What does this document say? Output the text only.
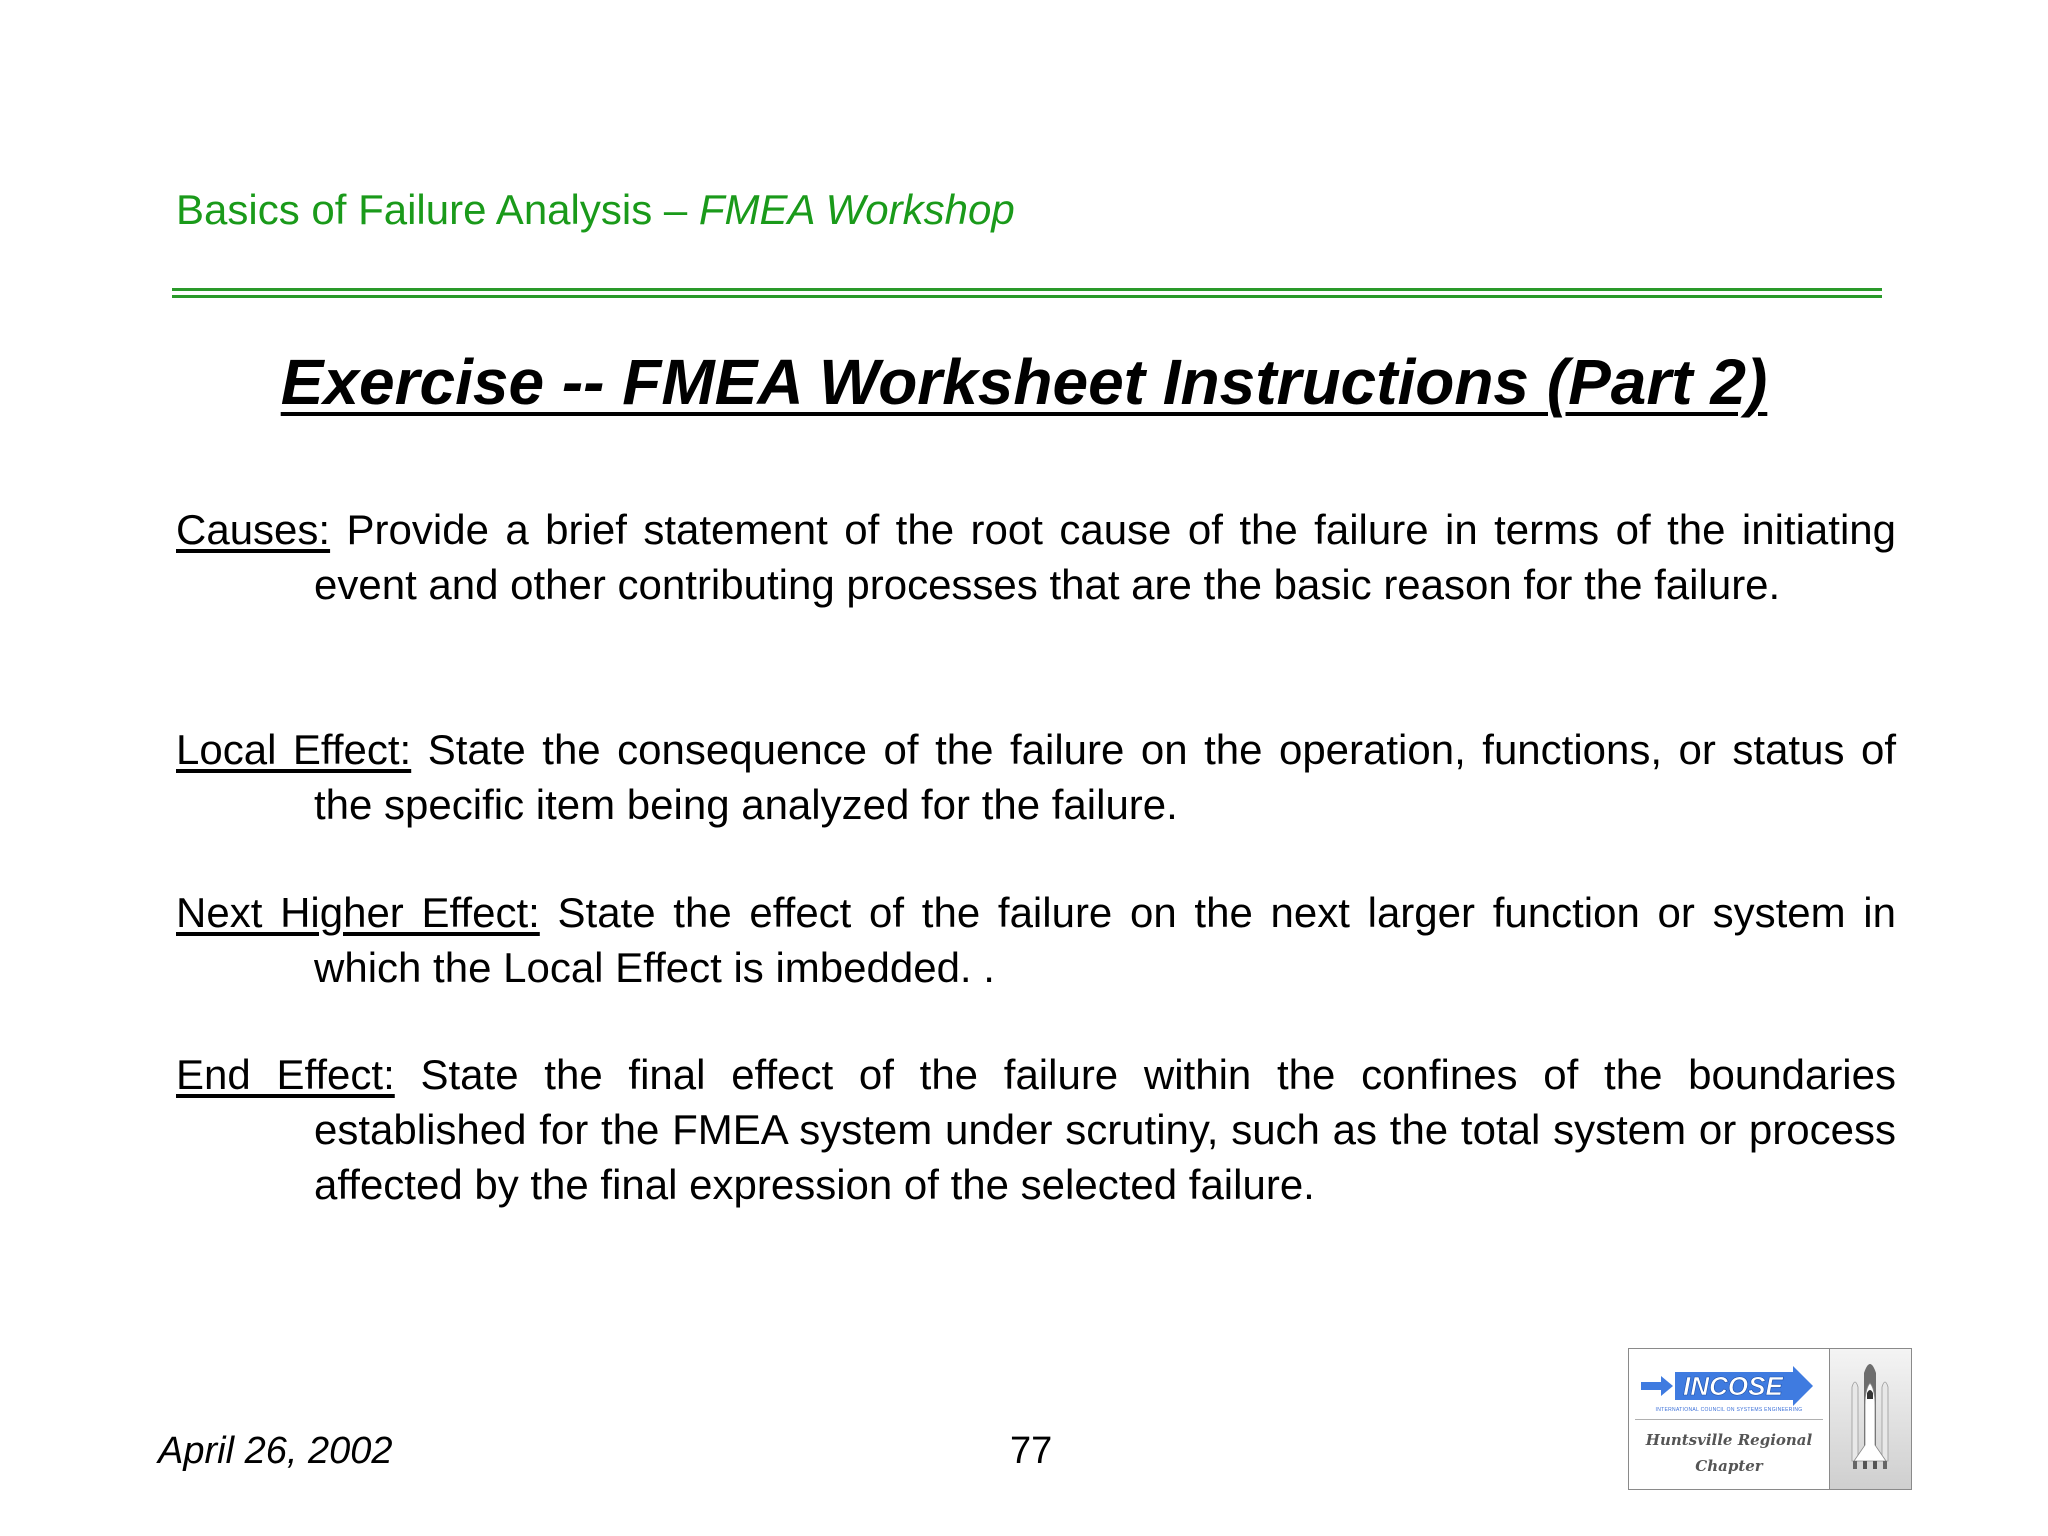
Basics of Failure Analysis – FMEA Workshop
Exercise -- FMEA Worksheet Instructions (Part 2)
Causes: Provide a brief statement of the root cause of the failure in terms of the initiating event and other contributing processes that are the basic reason for the failure.
Local Effect: State the consequence of the failure on the operation, functions, or status of the specific item being analyzed for the failure.
Next Higher Effect: State the effect of the failure on the next larger function or system in which the Local Effect is imbedded. .
End Effect: State the final effect of the failure within the confines of the boundaries established for the FMEA system under scrutiny, such as the total system or process affected by the final expression of the selected failure.
April 26, 2002	77
INCOSE
INTERNATIONAL COUNCIL ON SYSTEMS ENGINEERING
Huntsville Regional
Chapter
